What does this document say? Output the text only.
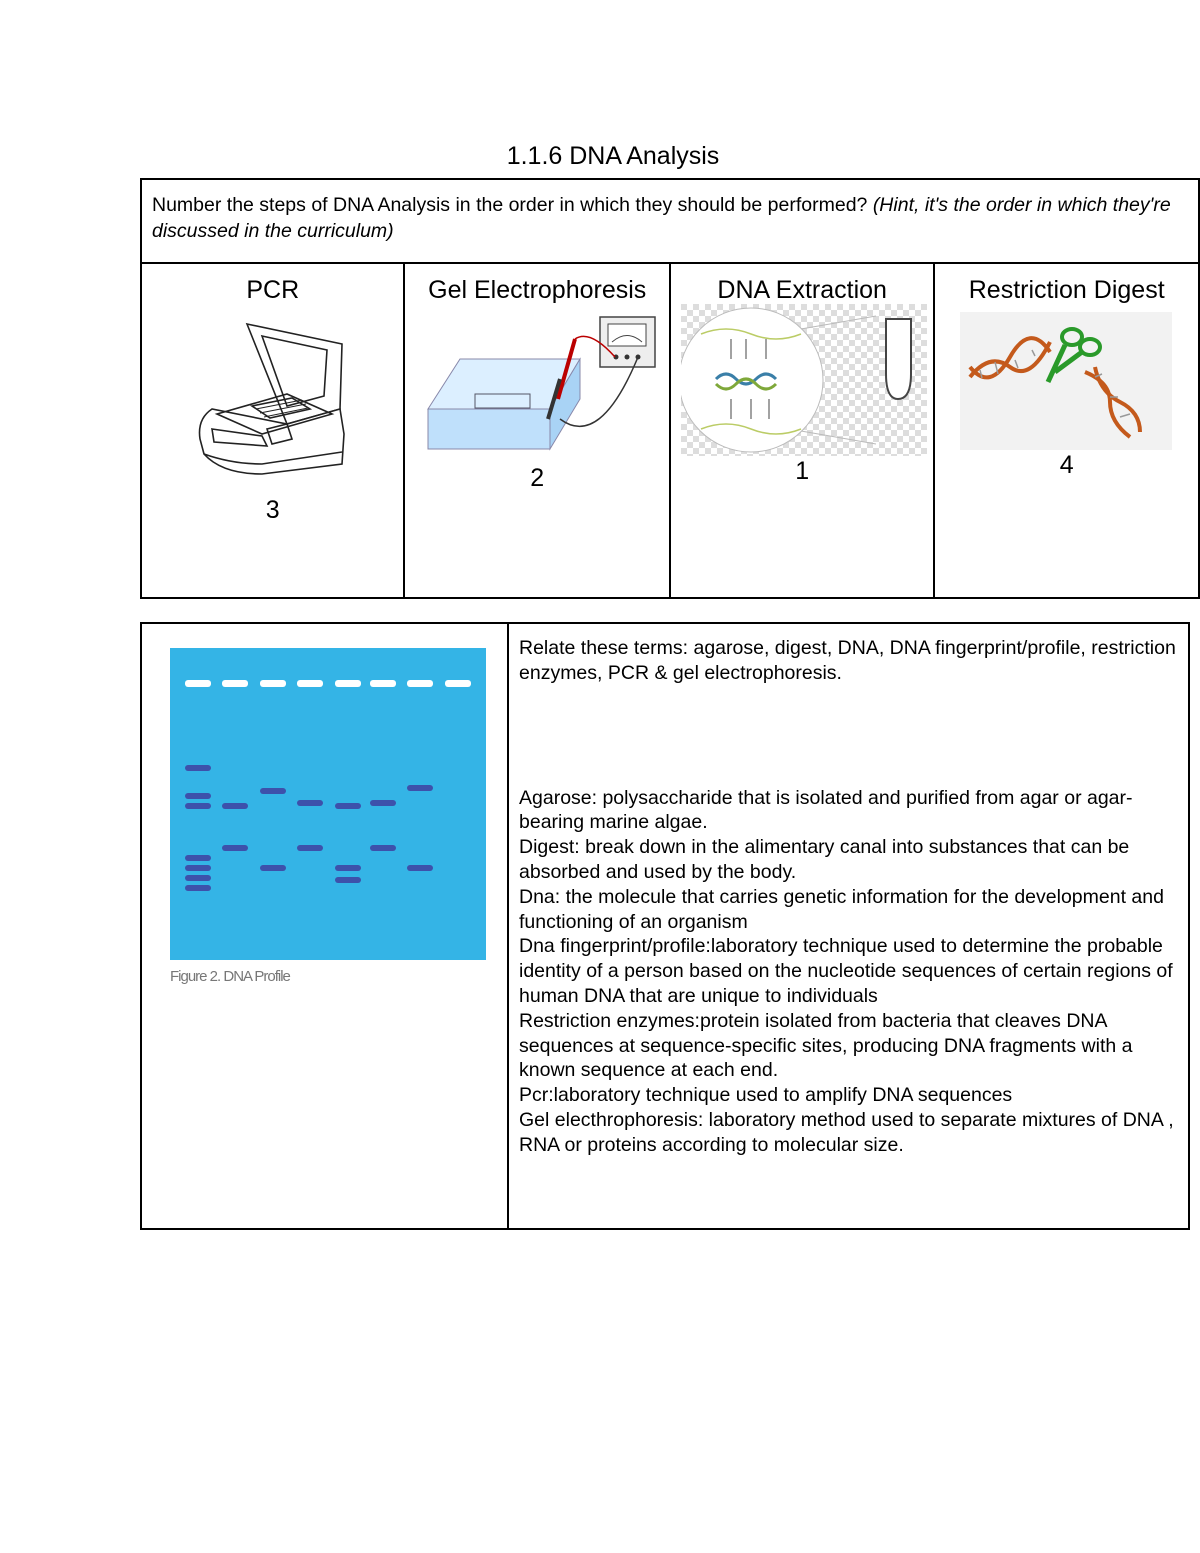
1.1.6 DNA Analysis
Number the steps of DNA Analysis in the order in which they should be performed? (Hint, it's the order in which they're discussed in the curriculum)

PCR
3

Gel Electrophoresis
2

DNA Extraction
1

Restriction Digest
4
Figure 2. DNA Profile

Relate these terms: agarose, digest, DNA, DNA fingerprint/profile, restriction enzymes, PCR & gel electrophoresis.
Agarose: polysaccharide that is isolated and purified from agar or agar-bearing marine algae.
Digest: break down in the alimentary canal into substances that can be absorbed and used by the body.
Dna: the molecule that carries genetic information for the development and functioning of an organism
Dna fingerprint/profile:laboratory technique used to determine the probable identity of a person based on the nucleotide sequences of certain regions of human DNA that are unique to individuals
Restriction enzymes:protein isolated from bacteria that cleaves DNA sequences at sequence-specific sites, producing DNA fragments with a known sequence at each end.
Pcr:laboratory technique used to amplify DNA sequences
Gel electhrophoresis: laboratory method used to separate mixtures of DNA , RNA or proteins according to molecular size.
